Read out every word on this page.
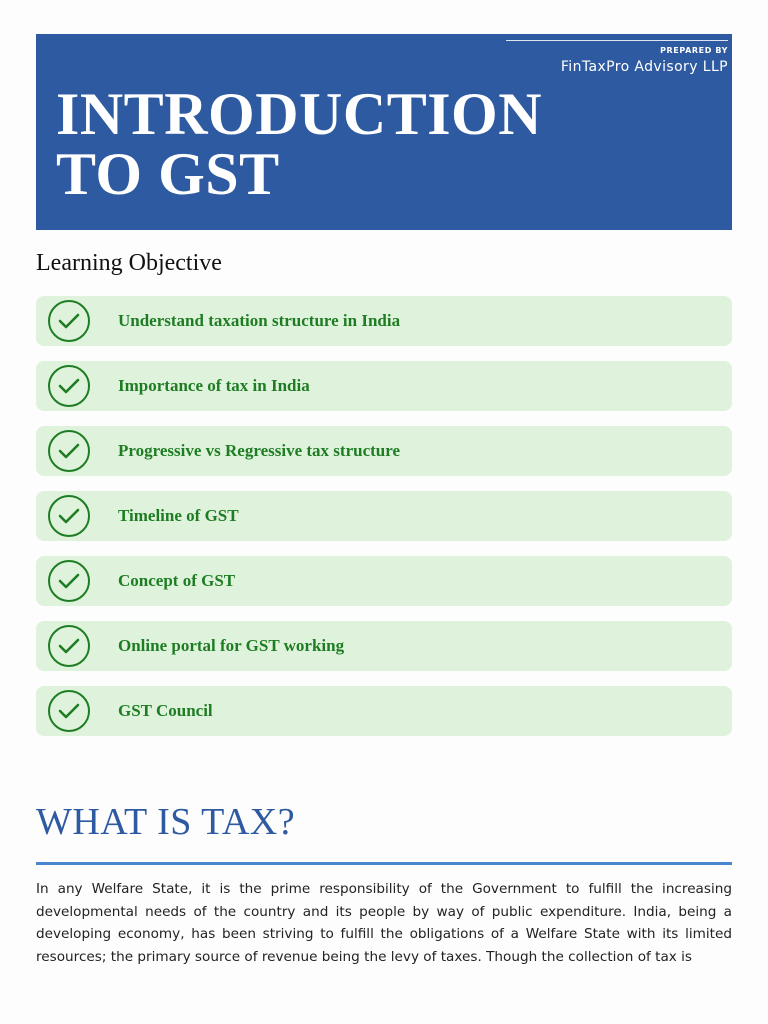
PREPARED BY
FinTaxPro Advisory LLP
INTRODUCTION
TO GST
Learning Objective
Understand taxation structure in India
Importance of tax in India
Progressive vs Regressive tax structure
Timeline of GST
Concept of GST
Online portal for GST working
GST Council
WHAT IS TAX?

In any Welfare State, it is the prime responsibility of the Government to fulfill the increasing developmental needs of the country and its people by way of public expenditure. India, being a developing economy, has been striving to fulfill the obligations of a Welfare State with its limited resources; the primary source of revenue being the levy of taxes. Though the collection of tax is
